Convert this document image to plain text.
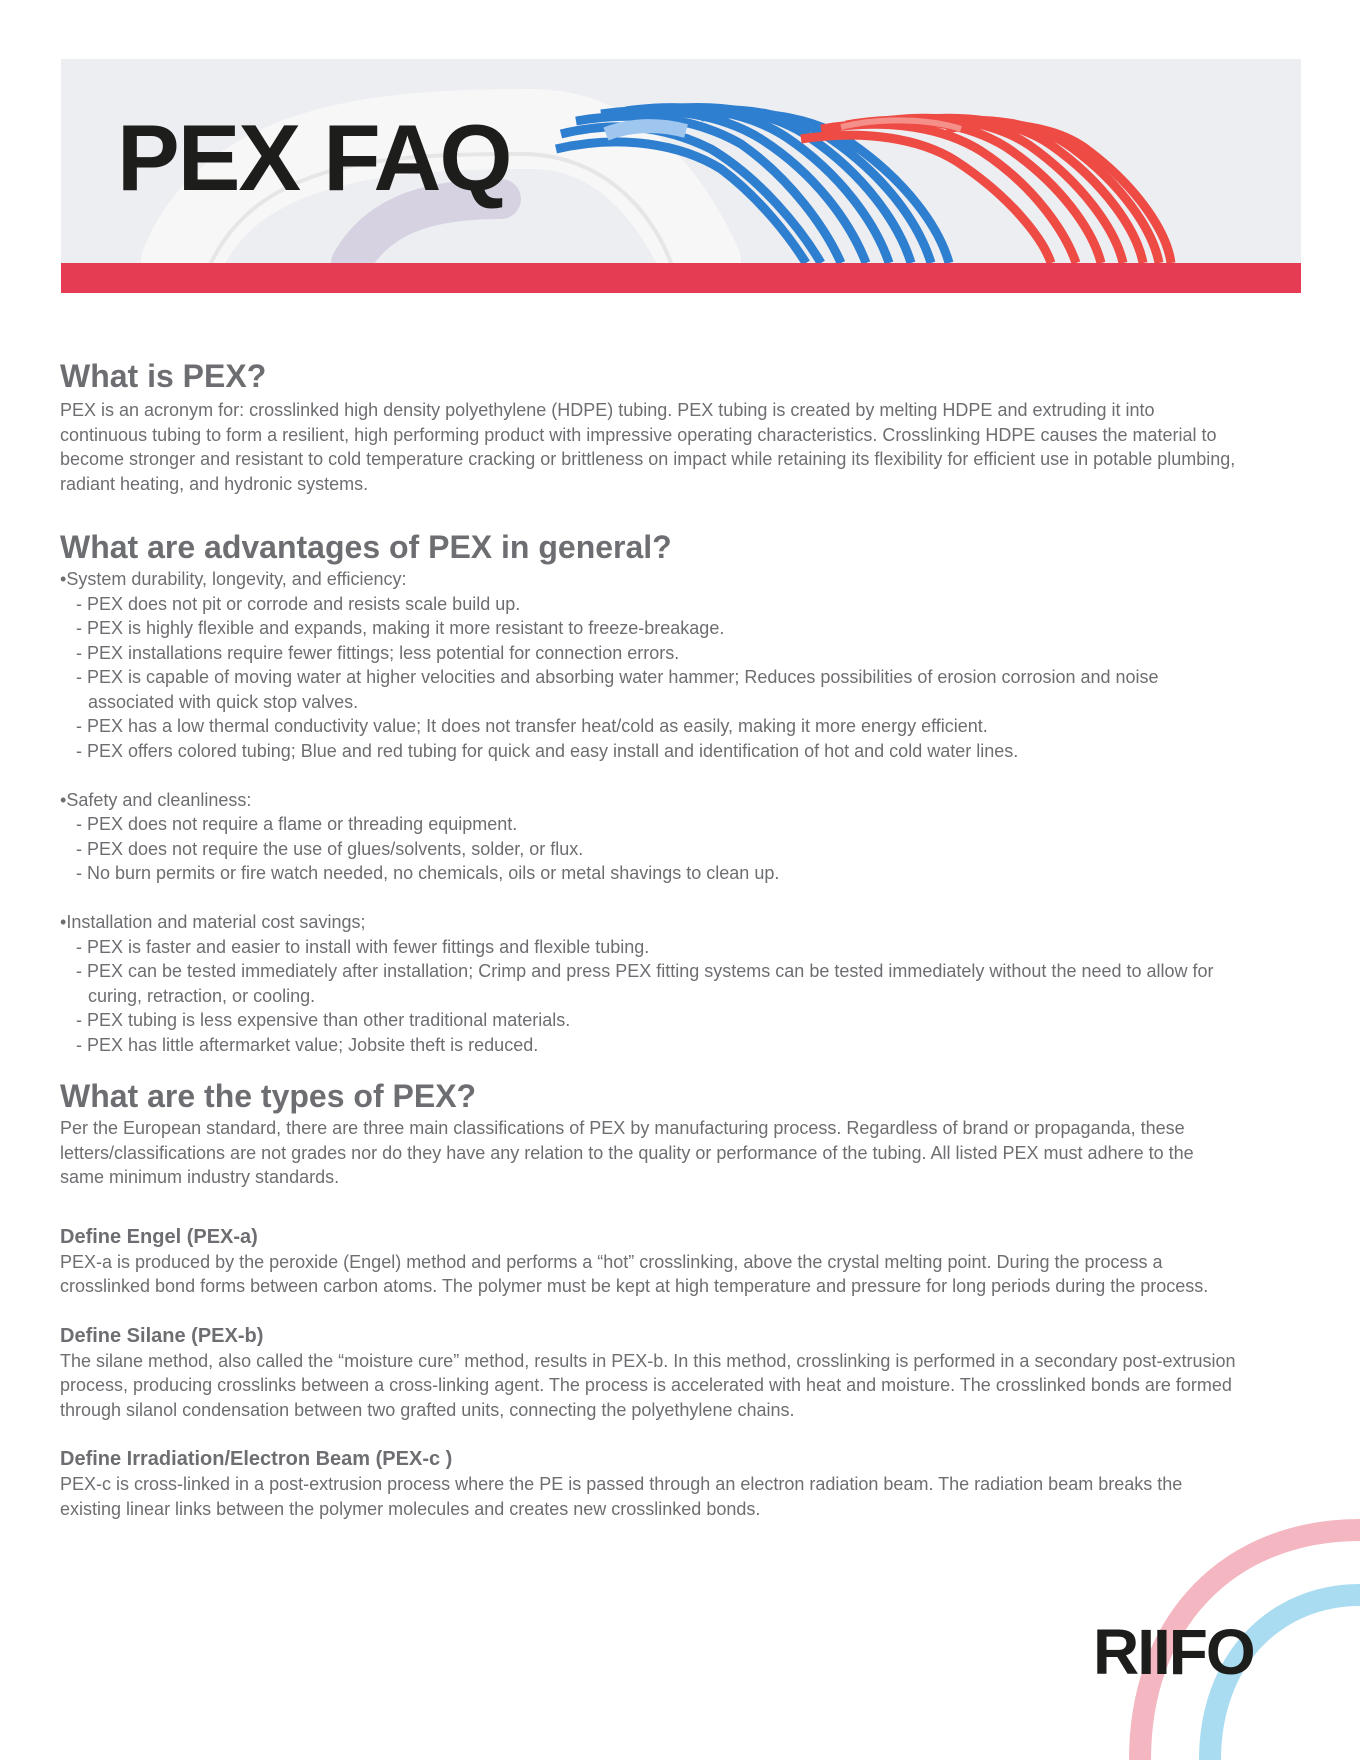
PEX FAQ
What is PEX?

PEX is an acronym for: crosslinked high density polyethylene (HDPE) tubing. PEX tubing is created by melting HDPE and extruding it into continuous tubing to form a resilient, high performing product with impressive operating characteristics. Crosslinking HDPE causes the material to become stronger and resistant to cold temperature cracking or brittleness on impact while retaining its flexibility for efficient use in potable plumbing, radiant heating, and hydronic systems.

What are advantages of PEX in general?
• System durability, longevity, and efficiency:
- PEX does not pit or corrode and resists scale build up.
- PEX is highly flexible and expands, making it more resistant to freeze-breakage.
- PEX installations require fewer fittings; less potential for connection errors.
- PEX is capable of moving water at higher velocities and absorbing water hammer; Reduces possibilities of erosion corrosion and noise associated with quick stop valves.
- PEX has a low thermal conductivity value; It does not transfer heat/cold as easily, making it more energy efficient.
- PEX offers colored tubing; Blue and red tubing for quick and easy install and identification of hot and cold water lines.
• Safety and cleanliness:
- PEX does not require a flame or threading equipment.
- PEX does not require the use of glues/solvents, solder, or flux.
- No burn permits or fire watch needed, no chemicals, oils or metal shavings to clean up.
• Installation and material cost savings;
- PEX is faster and easier to install with fewer fittings and flexible tubing.
- PEX can be tested immediately after installation; Crimp and press PEX fitting systems can be tested immediately without the need to allow for curing, retraction, or cooling.
- PEX tubing is less expensive than other traditional materials.
- PEX has little aftermarket value; Jobsite theft is reduced.
What are the types of PEX?

Per the European standard, there are three main classifications of PEX by manufacturing process. Regardless of brand or propaganda, these letters/classifications are not grades nor do they have any relation to the quality or performance of the tubing. All listed PEX must adhere to the same minimum industry standards.

Define Engel (PEX-a)

PEX-a is produced by the peroxide (Engel) method and performs a “hot” crosslinking, above the crystal melting point. During the process a crosslinked bond forms between carbon atoms. The polymer must be kept at high temperature and pressure for long periods during the process.

Define Silane (PEX-b)

The silane method, also called the “moisture cure” method, results in PEX-b. In this method, crosslinking is performed in a secondary post-extrusion process, producing crosslinks between a cross-linking agent. The process is accelerated with heat and moisture. The crosslinked bonds are formed through silanol condensation between two grafted units, connecting the polyethylene chains.

Define Irradiation/Electron Beam (PEX-c )

PEX-c is cross-linked in a post-extrusion process where the PE is passed through an electron radiation beam. The radiation beam breaks the existing linear links between the polymer molecules and creates new crosslinked bonds.

RIIFO
